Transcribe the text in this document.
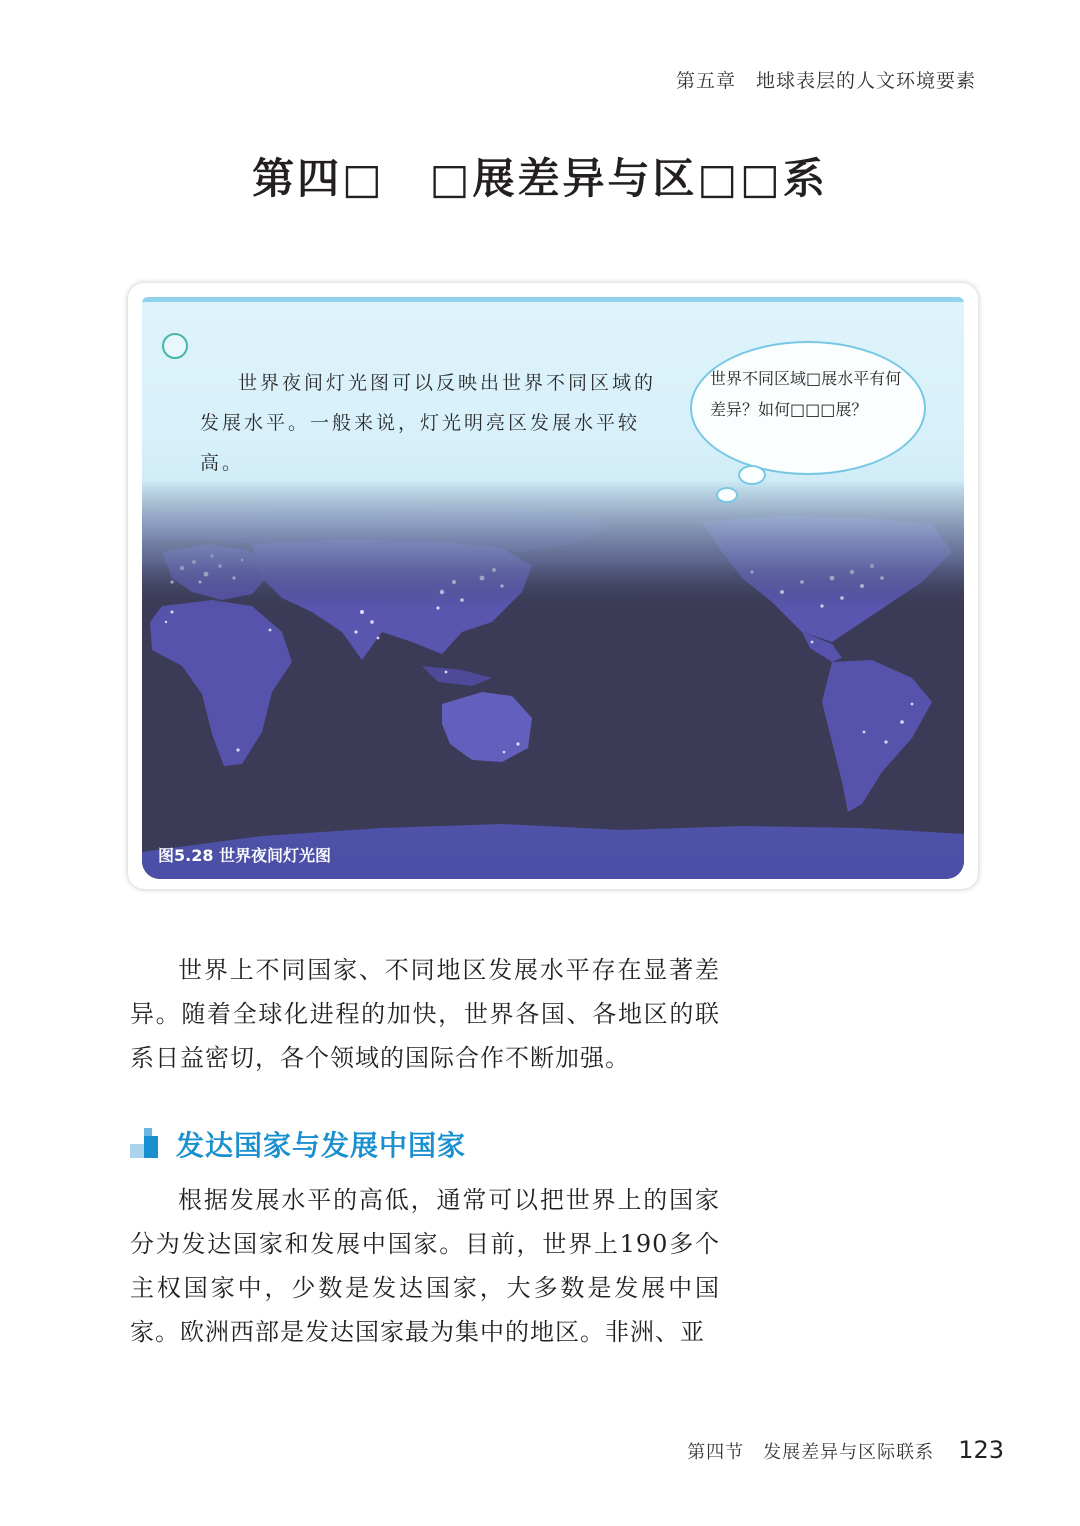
第五章　地球表层的人文环境要素
第四□　□展差异与区□□系
世界夜间灯光图可以反映出世界不同区域的发展水平。一般来说，灯光明亮区发展水平较高。
世界不同区域□展水平有何差异？如何□□□展？
图5.28 世界夜间灯光图
世界上不同国家、不同地区发展水平存在显著差异。随着全球化进程的加快，世界各国、各地区的联系日益密切，各个领域的国际合作不断加强。
发达国家与发展中国家
根据发展水平的高低，通常可以把世界上的国家分为发达国家和发展中国家。目前，世界上190多个主权国家中，少数是发达国家，大多数是发展中国家。欧洲西部是发达国家最为集中的地区。非洲、亚
第四节　发展差异与区际联系 123
